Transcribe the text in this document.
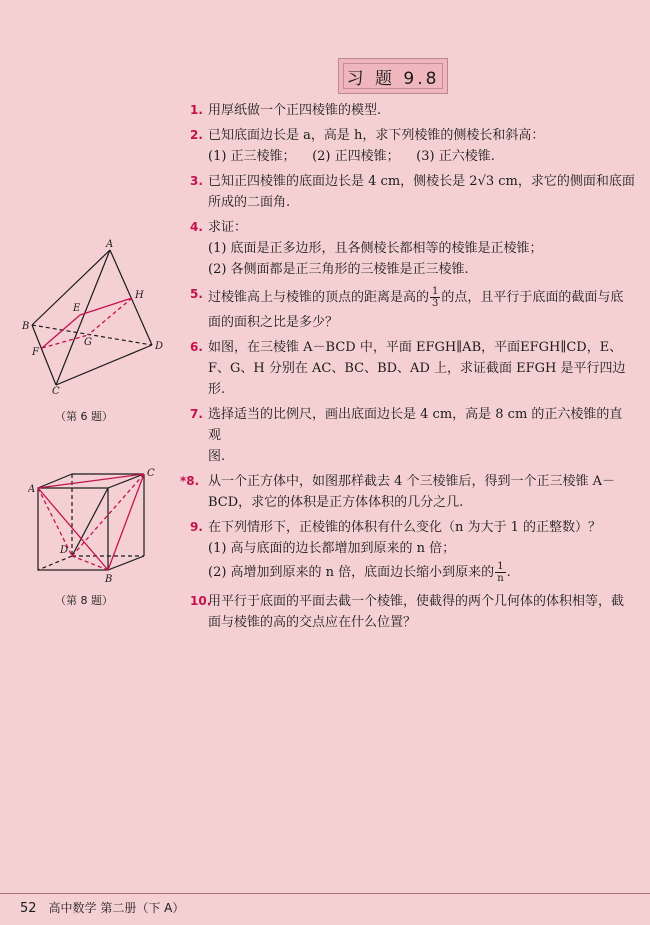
习 题 9.8
1. 用厚纸做一个正四棱锥的模型.
2. 已知底面边长是 a，高是 h，求下列棱锥的侧棱长和斜高：
(1) 正三棱锥；    (2) 正四棱锥；    (3) 正六棱锥.
3. 已知正四棱锥的底面边长是 4 cm，侧棱长是 2√3 cm，求它的侧面和底面
所成的二面角.
4. 求证：
(1) 底面是正多边形，且各侧棱长都相等的棱锥是正棱锥；
(2) 各侧面都是正三角形的三棱锥是正三棱锥.
5. 过棱锥高上与棱锥的顶点的距离是高的 $\frac{1}{3}$ 的点，且平行于底面的截面与底
面的面积之比是多少？
6. 如图，在三棱锥 A－BCD 中，平面 EFGH∥AB，平面EFGH∥CD，E、
F、G、H 分别在 AC、BC、BD、AD 上，求证截面 EFGH 是平行四边
形.
7. 选择适当的比例尺，画出底面边长是 4 cm，高是 8 cm 的正六棱锥的直观
图.
*8. 从一个正方体中，如图那样截去 4 个三棱锥后，得到一个正三棱锥 A－
BCD，求它的体积是正方体体积的几分之几.
9. 在下列情形下，正棱锥的体积有什么变化（n 为大于 1 的正整数）？
(1) 高与底面的边长都增加到原来的 n 倍；
(2) 高增加到原来的 n 倍，底面边长缩小到原来的 $\frac{1}{n}$ .
10.
用平行于底面的平面去截一个棱锥，使截得的两个几何体的体积相等，截
面与棱锥的高的交点应在什么位置？
A
B
C
D
E
F
G
H
（第 6 题）
A
B
C
D
（第 8 题）
52 高中数学 第二册（下 A）
